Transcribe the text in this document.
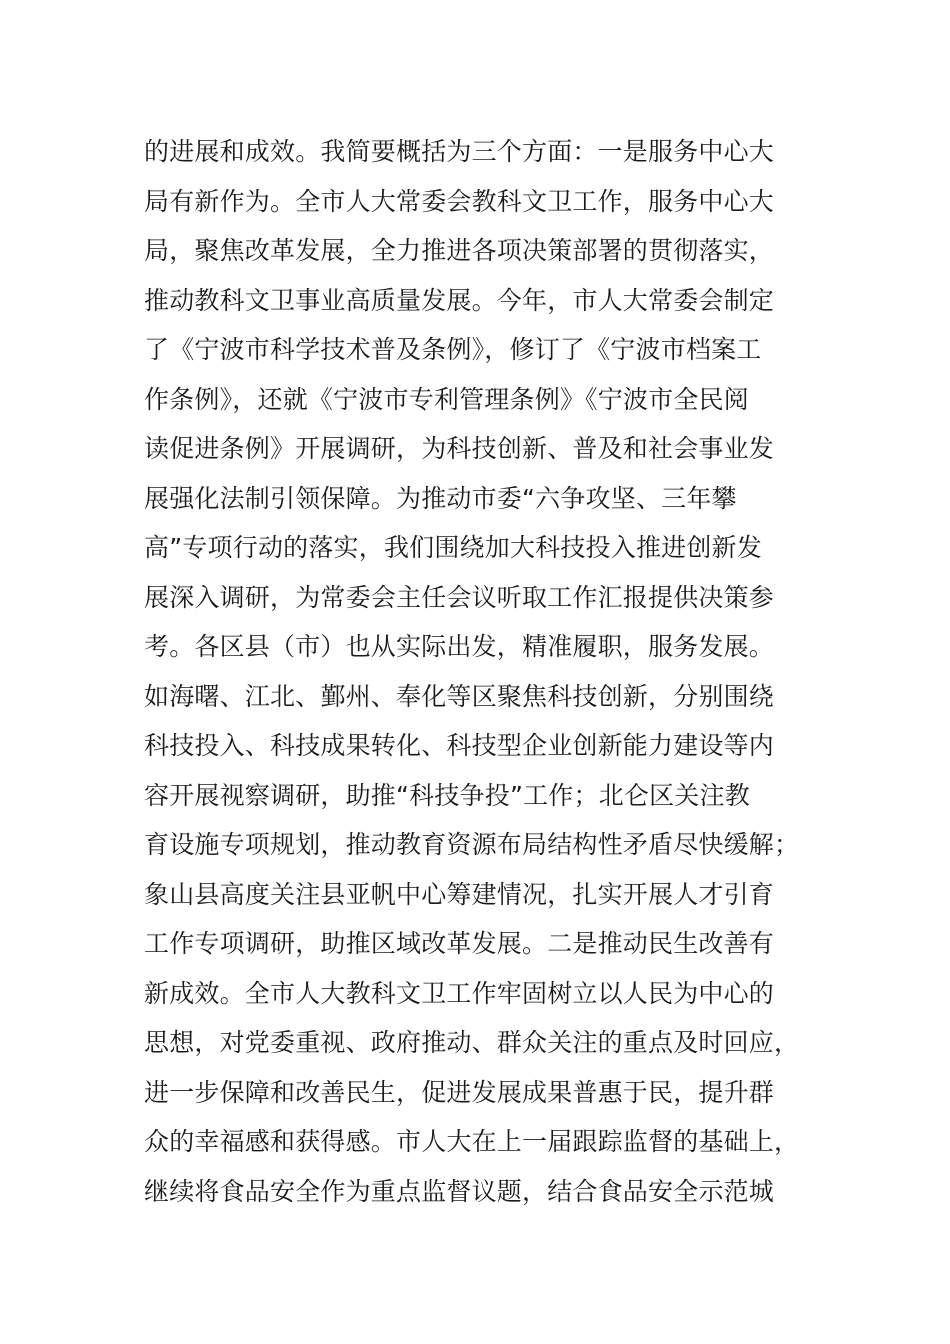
的进展和成效。我简要概括为三个方面：一是服务中心大
局有新作为。全市人大常委会教科文卫工作，服务中心大
局，聚焦改革发展，全力推进各项决策部署的贯彻落实，
推动教科文卫事业高质量发展。今年，市人大常委会制定
了《宁波市科学技术普及条例》，修订了《宁波市档案工
作条例》，还就《宁波市专利管理条例》《宁波市全民阅
读促进条例》开展调研，为科技创新、普及和社会事业发
展强化法制引领保障。为推动市委“六争攻坚、三年攀
高”专项行动的落实，我们围绕加大科技投入推进创新发
展深入调研，为常委会主任会议听取工作汇报提供决策参
考。各区县（市）也从实际出发，精准履职，服务发展。
如海曙、江北、鄞州、奉化等区聚焦科技创新，分别围绕
科技投入、科技成果转化、科技型企业创新能力建设等内
容开展视察调研，助推“科技争投”工作；北仑区关注教
育设施专项规划，推动教育资源布局结构性矛盾尽快缓解；
象山县高度关注县亚帆中心筹建情况，扎实开展人才引育
工作专项调研，助推区域改革发展。二是推动民生改善有
新成效。全市人大教科文卫工作牢固树立以人民为中心的
思想，对党委重视、政府推动、群众关注的重点及时回应，
进一步保障和改善民生，促进发展成果普惠于民，提升群
众的幸福感和获得感。市人大在上一届跟踪监督的基础上，
继续将食品安全作为重点监督议题，结合食品安全示范城
